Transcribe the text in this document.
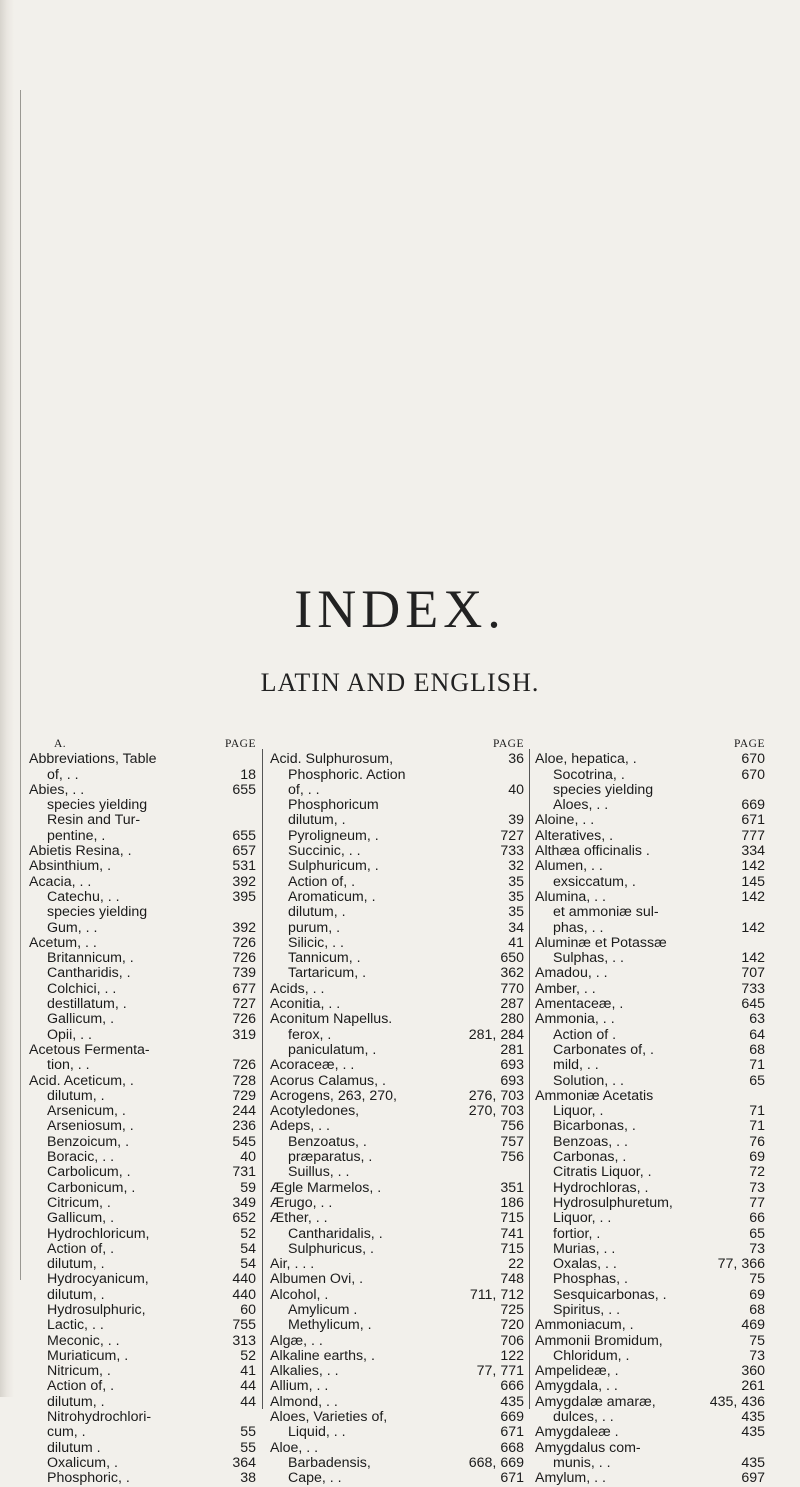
INDEX.
LATIN AND ENGLISH.
A.	PAGE
Abbreviations, Table
of, . .	18
Abies, . .	655
species yielding
Resin and Tur-
pentine, .	655
Abietis Resina, .	657
Absinthium, .	531
Acacia, . .	392
Catechu, . .	395
species yielding
Gum, . .	392
Acetum, . .	726
Britannicum, .	726
Cantharidis, .	739
Colchici, . .	677
destillatum, .	727
Gallicum, .	726
Opii, . .	319
Acetous Fermenta-
tion, . .	726
Acid. Aceticum, .	728
dilutum, .	729
Arsenicum, .	244
Arseniosum, .	236
Benzoicum, .	545
Boracic, . .	40
Carbolicum, .	731
Carbonicum, .	59
Citricum, .	349
Gallicum, .	652
Hydrochloricum,	52
Action of, .	54
dilutum, .	54
Hydrocyanicum,	440
dilutum, .	440
Hydrosulphuric,	60
Lactic, . .	755
Meconic, . .	313
Muriaticum, .	52
Nitricum, .	41
Action of, .	44
dilutum, .	44
Nitrohydrochlori-
cum, .	55
dilutum .	55
Oxalicum, .	364
Phosphoric, .	38
PAGE
Acid. Sulphurosum,	36
Phosphoric. Action
of, . .	40
Phosphoricum
dilutum, .	39
Pyroligneum, .	727
Succinic, . .	733
Sulphuricum, .	32
Action of, .	35
Aromaticum, .	35
dilutum, .	35
purum, .	34
Silicic, . .	41
Tannicum, .	650
Tartaricum, .	362
Acids, . .	770
Aconitia, . .	287
Aconitum Napellus.	280
ferox, .	281, 284
paniculatum, .	281
Acoraceæ, . .	693
Acorus Calamus, .	693
Acrogens, 263, 270,	276, 703
Acotyledones,	270, 703
Adeps, . .	756
Benzoatus, .	757
præparatus, .	756
Suillus, . .
Ægle Marmelos, .	351
Ærugo, . .	186
Æther, . .	715
Cantharidalis, .	741
Sulphuricus, .	715
Air, . . .	22
Albumen Ovi, .	748
Alcohol, .	711, 712
Amylicum .	725
Methylicum, .	720
Algæ, . .	706
Alkaline earths, .	122
Alkalies, . .	77, 771
Allium, . .	666
Almond, . .	435
Aloes, Varieties of,	669
Liquid, . .	671
Aloe, . .	668
Barbadensis,	668, 669
Cape, . .	671
PAGE
Aloe, hepatica, .	670
Socotrina, .	670
species yielding
Aloes, . .	669
Aloine, . .	671
Alteratives, .	777
Althæa officinalis .	334
Alumen, . .	142
exsiccatum, .	145
Alumina, . .	142
et ammoniæ sul-
phas, . .	142
Aluminæ et Potassæ
Sulphas, . .	142
Amadou, . .	707
Amber, . .	733
Amentaceæ, .	645
Ammonia, . .	63
Action of .	64
Carbonates of, .	68
mild, . .	71
Solution, . .	65
Ammoniæ Acetatis
Liquor, .	71
Bicarbonas, .	71
Benzoas, . .	76
Carbonas, .	69
Citratis Liquor, .	72
Hydrochloras, .	73
Hydrosulphuretum,	77
Liquor, . .	66
fortior, .	65
Murias, . .	73
Oxalas, . .	77, 366
Phosphas, .	75
Sesquicarbonas, .	69
Spiritus, . .	68
Ammoniacum, .	469
Ammonii Bromidum,	75
Chloridum, .	73
Ampelideæ, .	360
Amygdala, . .	261
Amygdalæ amaræ,	435, 436
dulces, . .	435
Amygdaleæ .	435
Amygdalus com-
munis, . .	435
Amylum, . .	697
